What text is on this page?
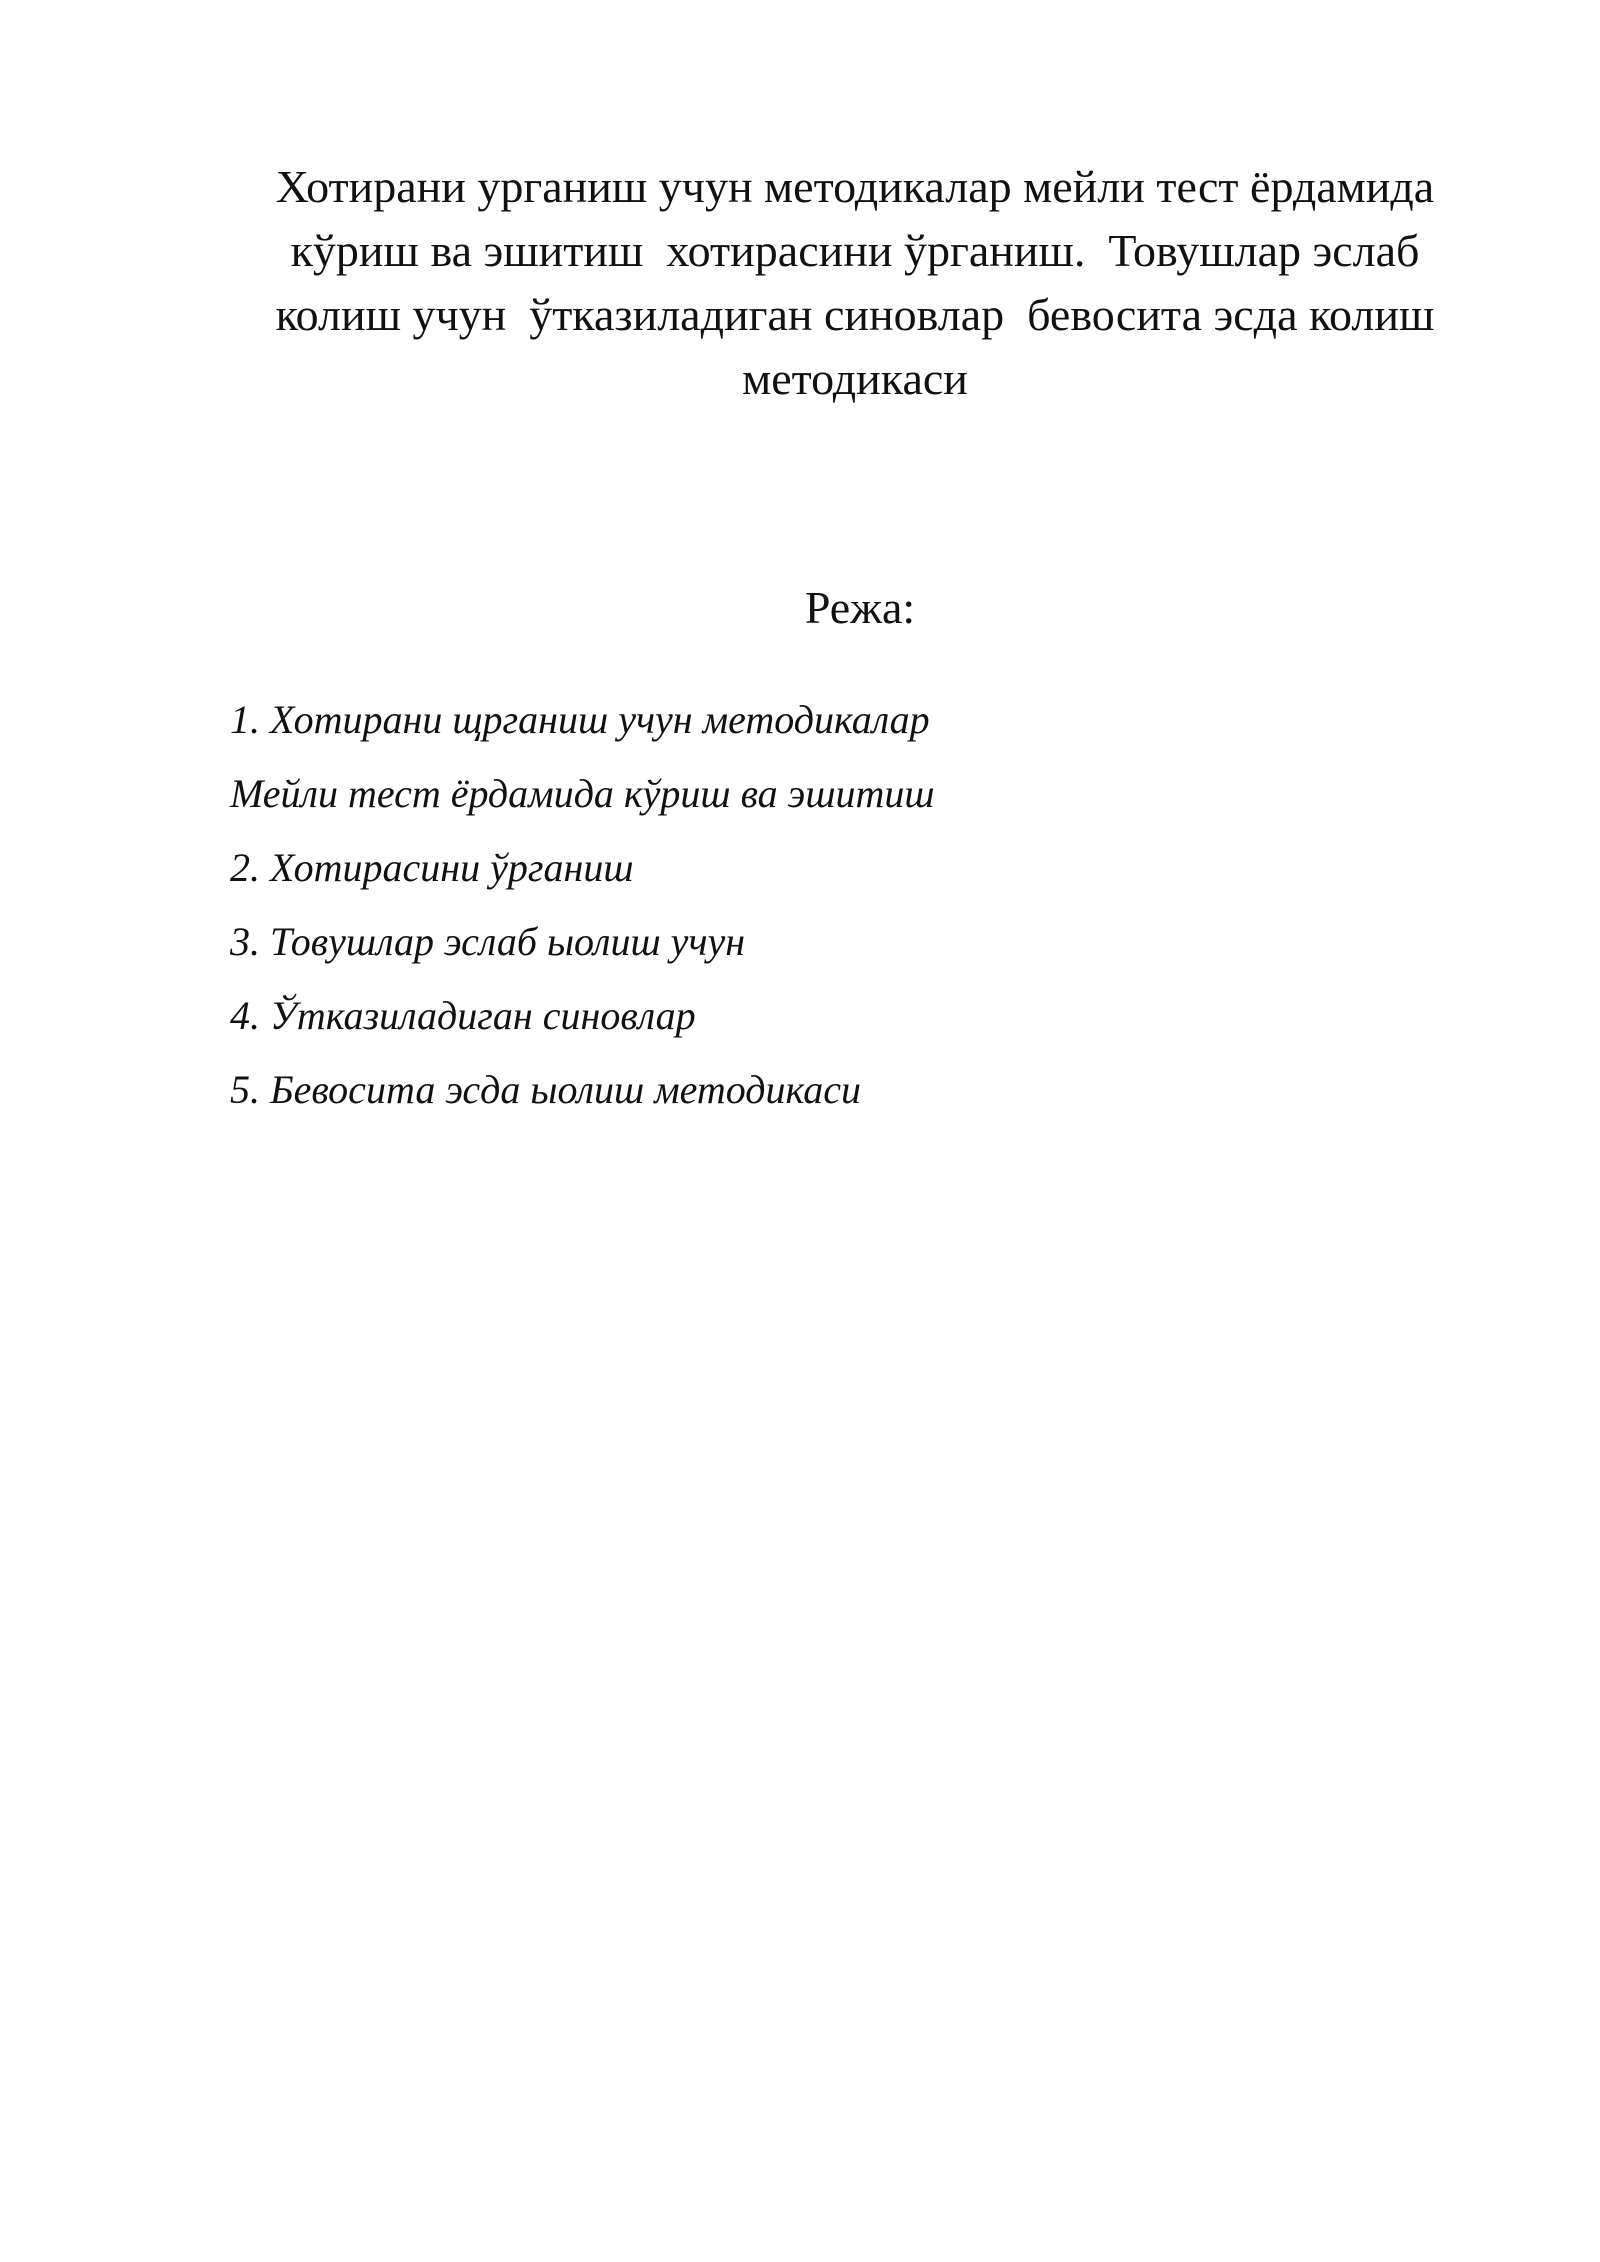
Хотирани урганиш учун методикалар мейли тест ёрдамида
кўриш ва эшитиш  хотирасини ўрганиш.  Товушлар эслаб
колиш учун  ўтказиладиган синовлар  бевосита эсда колиш
методикаси
Режа:
1. Хотирани щрганиш учун методикалар
Мейли тест ёрдамида кўриш ва эшитиш
2. Хотирасини ўрганиш
3. Товушлар эслаб ыолиш учун
4. Ўтказиладиган синовлар
5. Бевосита эсда ыолиш методикаси
